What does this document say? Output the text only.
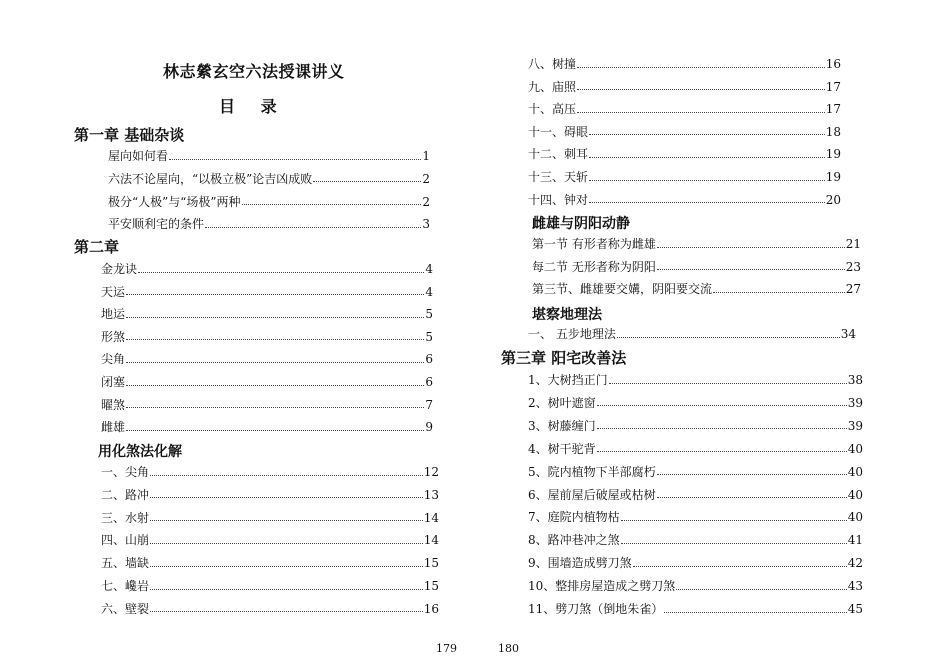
林志縈玄空六法授课讲义
目 录
第一章 基础杂谈
屋向如何看	1
六法不论屋向，“以极立极”论吉凶成败	2
极分“人极”与“场极”两种	2
平安顺利宅的条件	3
第二章
金龙诀	4
天运	4
地运	5
形煞	5
尖角	6
闭塞	6
曜煞	7
雌雄	9
用化煞法化解
一、尖角	12
二、路冲	13
三、水射	14
四、山崩	14
五、墙缺	15
七、巉岩	15
六、壁裂	16
179
八、树撞	16
九、庙照	17
十、高压	17
十一、碍眼	18
十二、刺耳	19
十三、天斩	19
十四、钟对	20
雌雄与阴阳动静
第一节 有形者称为雌雄	21
每二节 无形者称为阴阳	23
第三节、雌雄要交媾，阴阳要交流	27
堪察地理法
一、 五步地理法	34
第三章 阳宅改善法
1、大树挡正门	38
2、树叶遮窗	39
3、树藤缠门	39
4、树干驼背	40
5、院内植物下半部腐朽	40
6、屋前屋后破屋或枯树	40
7、庭院内植物枯	40
8、路冲巷冲之煞	41
9、围墙造成劈刀煞	42
10、整排房屋造成之劈刀煞	43
11、劈刀煞（倒地朱雀）	45
180
